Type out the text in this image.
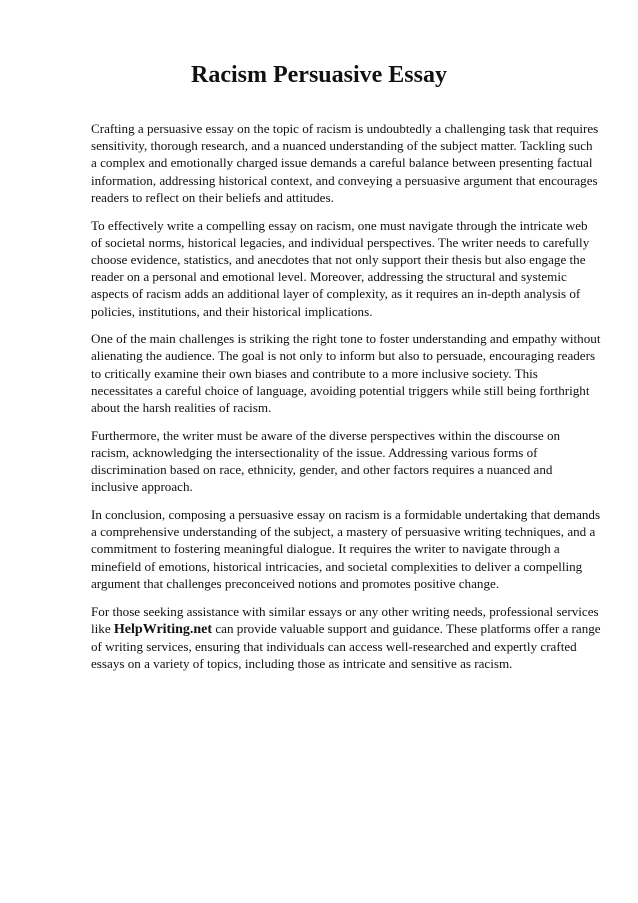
Racism Persuasive Essay

Crafting a persuasive essay on the topic of racism is undoubtedly a challenging task that requires sensitivity, thorough research, and a nuanced understanding of the subject matter. Tackling such a complex and emotionally charged issue demands a careful balance between presenting factual information, addressing historical context, and conveying a persuasive argument that encourages readers to reflect on their beliefs and attitudes.

To effectively write a compelling essay on racism, one must navigate through the intricate web of societal norms, historical legacies, and individual perspectives. The writer needs to carefully choose evidence, statistics, and anecdotes that not only support their thesis but also engage the reader on a personal and emotional level. Moreover, addressing the structural and systemic aspects of racism adds an additional layer of complexity, as it requires an in-depth analysis of policies, institutions, and their historical implications.

One of the main challenges is striking the right tone to foster understanding and empathy without alienating the audience. The goal is not only to inform but also to persuade, encouraging readers to critically examine their own biases and contribute to a more inclusive society. This necessitates a careful choice of language, avoiding potential triggers while still being forthright about the harsh realities of racism.

Furthermore, the writer must be aware of the diverse perspectives within the discourse on racism, acknowledging the intersectionality of the issue. Addressing various forms of discrimination based on race, ethnicity, gender, and other factors requires a nuanced and inclusive approach.

In conclusion, composing a persuasive essay on racism is a formidable undertaking that demands a comprehensive understanding of the subject, a mastery of persuasive writing techniques, and a commitment to fostering meaningful dialogue. It requires the writer to navigate through a minefield of emotions, historical intricacies, and societal complexities to deliver a compelling argument that challenges preconceived notions and promotes positive change.

For those seeking assistance with similar essays or any other writing needs, professional services like HelpWriting.net can provide valuable support and guidance. These platforms offer a range of writing services, ensuring that individuals can access well-researched and expertly crafted essays on a variety of topics, including those as intricate and sensitive as racism.
